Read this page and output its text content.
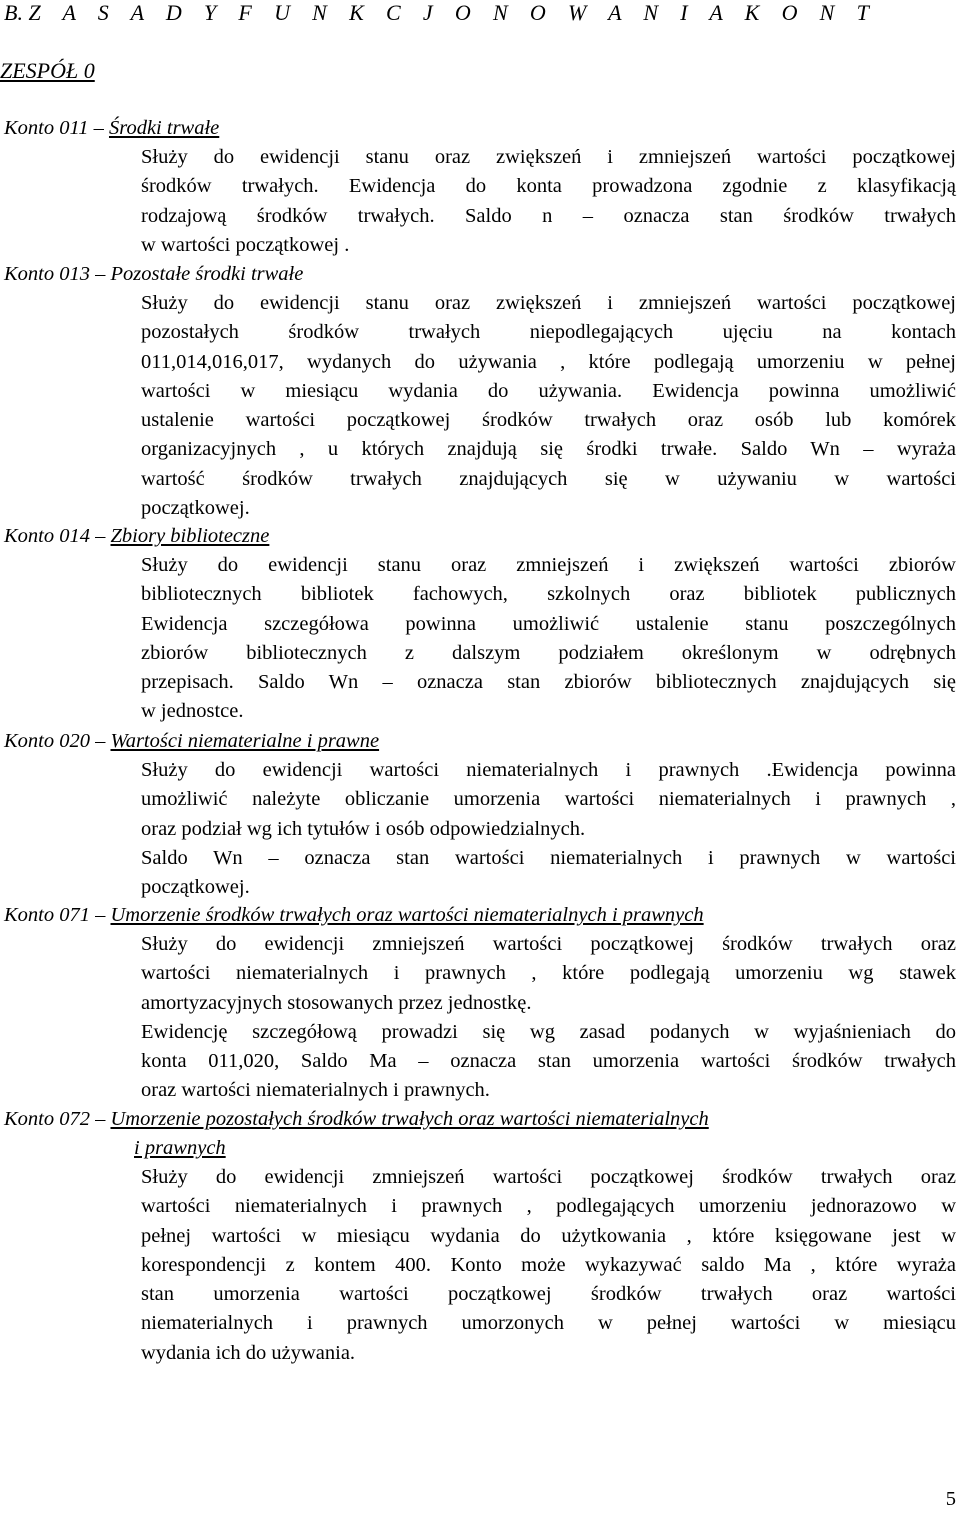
B. Z A S A D Y F U N K C J O N O W A N I A K O N T
ZESPÓŁ 0
Konto 011 – Środki trwałe
Służy do ewidencji stanu oraz zwiększeń i zmniejszeń wartości początkowej
środków trwałych. Ewidencja do konta prowadzona zgodnie z klasyfikacją
rodzajową środków trwałych. Saldo n – oznacza stan środków trwałych
w wartości początkowej .
Konto 013 – Pozostałe środki trwałe
Służy do ewidencji stanu oraz zwiększeń i zmniejszeń wartości początkowej
pozostałych środków trwałych niepodlegających ujęciu na kontach
011,014,016,017, wydanych do używania , które podlegają umorzeniu w pełnej
wartości w miesiącu wydania do używania. Ewidencja powinna umożliwić
ustalenie wartości początkowej środków trwałych oraz osób lub komórek
organizacyjnych , u których znajdują się środki trwałe. Saldo Wn – wyraża
wartość środków trwałych znajdujących się w używaniu w wartości
początkowej.
Konto 014 – Zbiory biblioteczne
Służy do ewidencji stanu oraz zmniejszeń i zwiększeń wartości zbiorów
bibliotecznych bibliotek fachowych, szkolnych oraz bibliotek publicznych
Ewidencja szczegółowa powinna umożliwić ustalenie stanu poszczególnych
zbiorów bibliotecznych z dalszym podziałem określonym w odrębnych
przepisach. Saldo Wn – oznacza stan zbiorów bibliotecznych znajdujących się
w jednostce.
Konto 020 – Wartości niematerialne i prawne
Służy do ewidencji wartości niematerialnych i prawnych .Ewidencja powinna
umożliwić należyte obliczanie umorzenia wartości niematerialnych i prawnych ,
oraz podział wg ich tytułów i osób odpowiedzialnych.
Saldo Wn – oznacza stan wartości niematerialnych i prawnych w wartości
początkowej.
Konto 071 – Umorzenie środków trwałych oraz wartości niematerialnych i prawnych
Służy do ewidencji zmniejszeń wartości początkowej środków trwałych oraz
wartości niematerialnych i prawnych , które podlegają umorzeniu wg stawek
amortyzacyjnych stosowanych przez jednostkę.
Ewidencję szczegółową prowadzi się wg zasad podanych w wyjaśnieniach do
konta 011,020, Saldo Ma – oznacza stan umorzenia wartości środków trwałych
oraz wartości niematerialnych i prawnych.
Konto 072 – Umorzenie pozostałych środków trwałych oraz wartości niematerialnych
i prawnych
Służy do ewidencji zmniejszeń wartości początkowej środków trwałych oraz
wartości niematerialnych i prawnych , podlegających umorzeniu jednorazowo w
pełnej wartości w miesiącu wydania do użytkowania , które księgowane jest w
korespondencji z kontem 400. Konto może wykazywać saldo Ma , które wyraża
stan umorzenia wartości początkowej środków trwałych oraz wartości
niematerialnych i prawnych umorzonych w pełnej wartości w miesiącu
wydania ich do używania.
5
